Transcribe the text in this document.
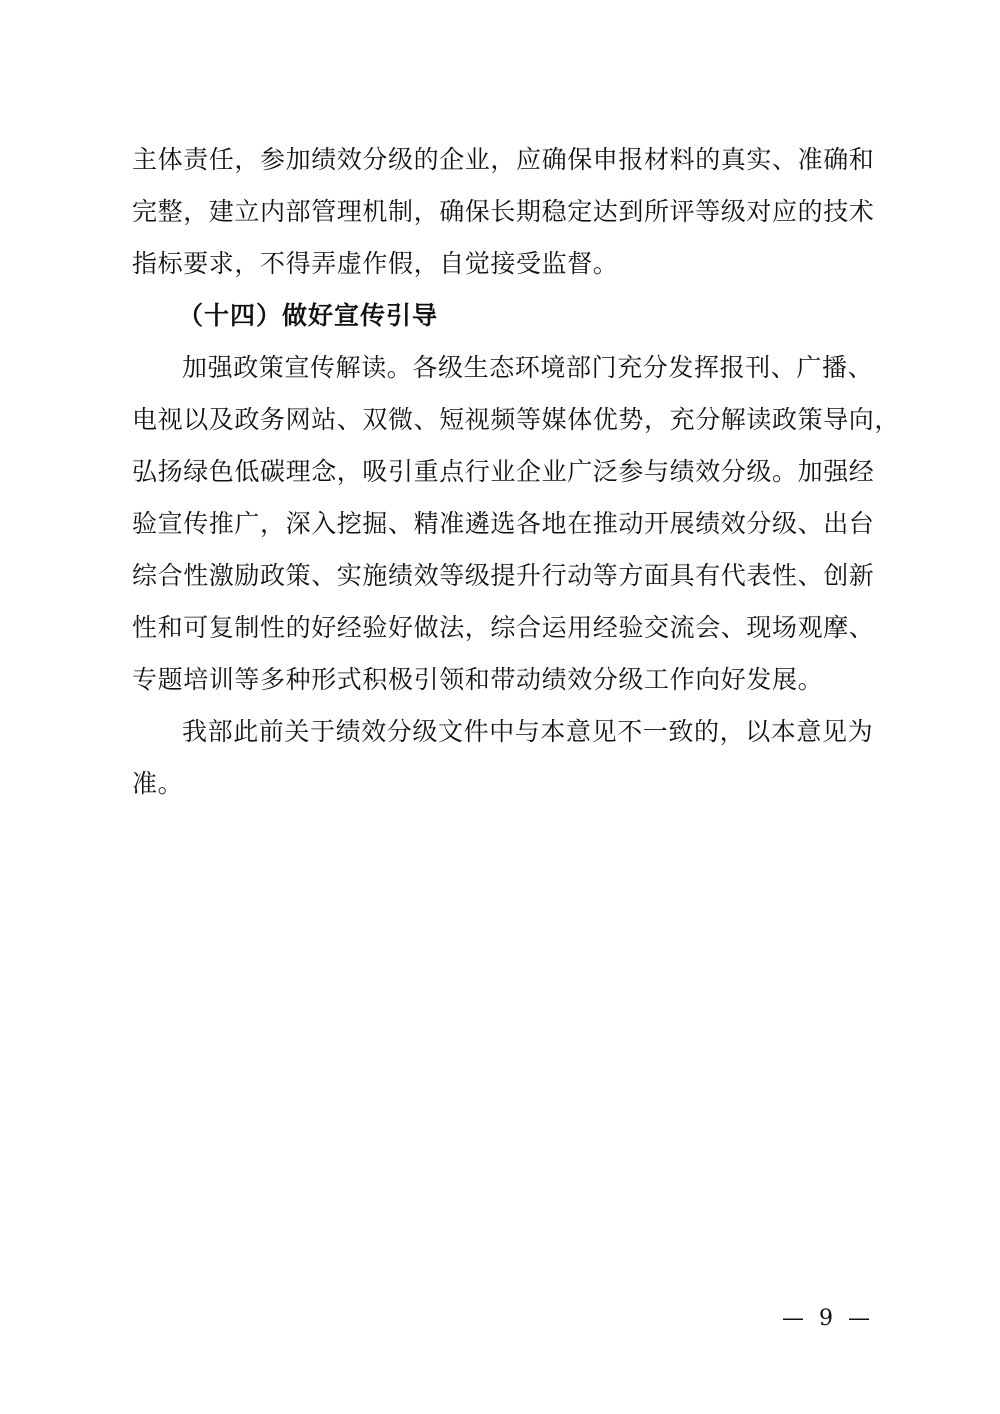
主体责任，参加绩效分级的企业，应确保申报材料的真实、准确和
完整，建立内部管理机制，确保长期稳定达到所评等级对应的技术
指标要求，不得弄虚作假，自觉接受监督。
（十四）做好宣传引导
加强政策宣传解读。各级生态环境部门充分发挥报刊、广播、
电视以及政务网站、双微、短视频等媒体优势，充分解读政策导向，
弘扬绿色低碳理念，吸引重点行业企业广泛参与绩效分级。加强经
验宣传推广，深入挖掘、精准遴选各地在推动开展绩效分级、出台
综合性激励政策、实施绩效等级提升行动等方面具有代表性、创新
性和可复制性的好经验好做法，综合运用经验交流会、现场观摩、
专题培训等多种形式积极引领和带动绩效分级工作向好发展。
我部此前关于绩效分级文件中与本意见不一致的，以本意见为
准。
— 9 —
